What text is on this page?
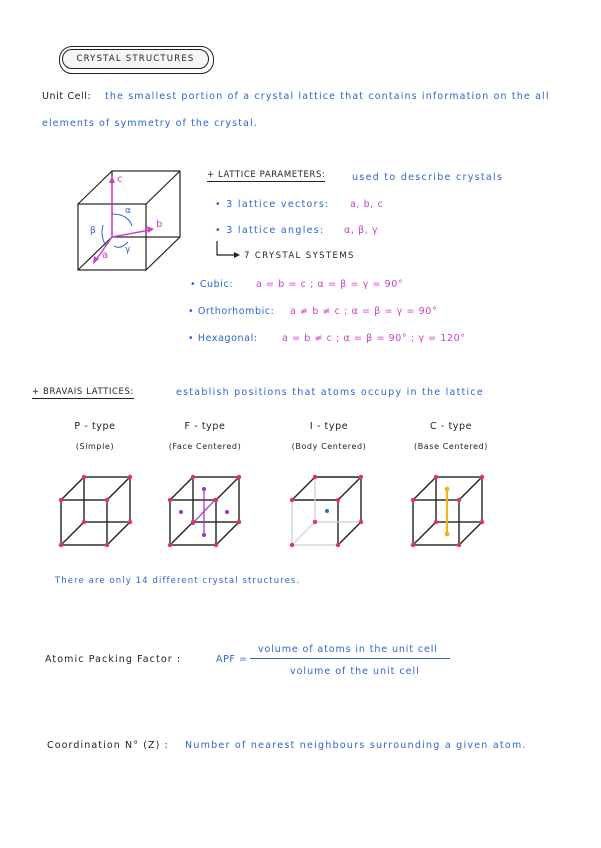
CRYSTAL STRUCTURES
Unit Cell: the smallest portion of a crystal lattice that contains information on the all
elements of symmetry of the crystal.
c
b
a
α
β
γ
+ LATTICE PARAMETERS:	used to describe crystals
• 3 lattice vectors: a, b, c
• 3 lattice angles: α, β, γ
7 CRYSTAL SYSTEMS
• Cubic: a = b = c ; α = β = γ = 90°
• Orthorhombic: a ≠ b ≠ c ; α = β = γ = 90°
• Hexagonal:	a = b ≠ c ; α = β = 90° ; γ = 120°
+ BRAVAIS LATTICES:	establish positions that atoms occupy in the lattice
P - type
(Simple)
F - type
(Face Centered)
I - type
(Body Centered)
C - type
(Base Centered)
There are only 14 different crystal structures.
Atomic Packing Factor :	APF =
volume of atoms in the unit cell
volume of the unit cell
Coordination N° (Z) : Number of nearest neighbours surrounding a given atom.
